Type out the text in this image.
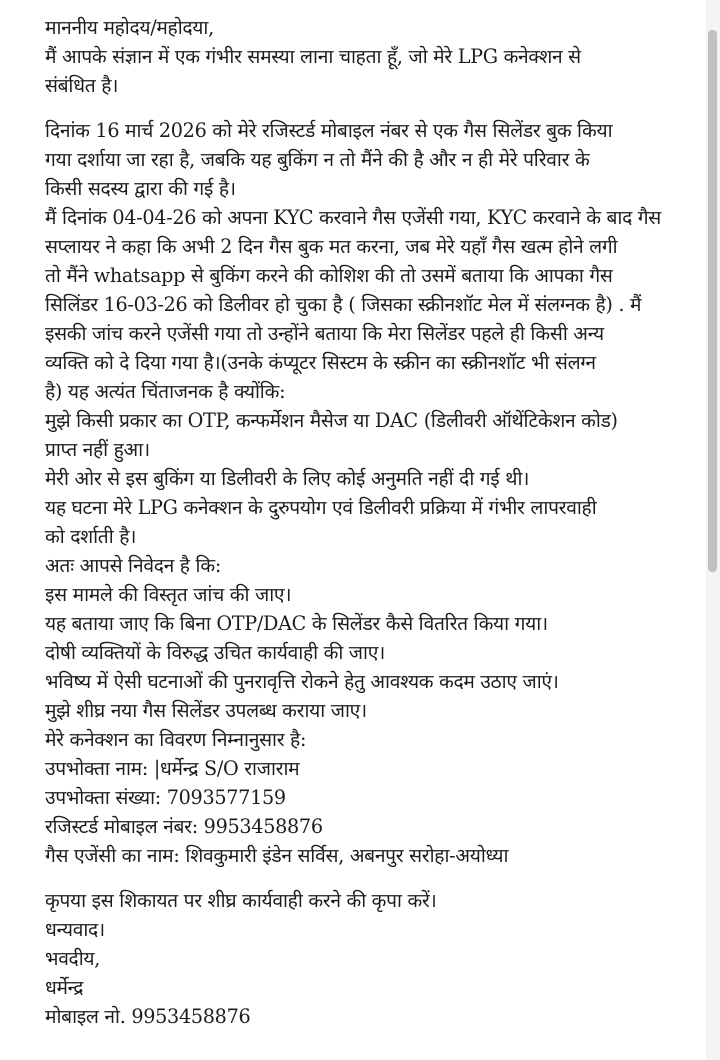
माननीय महोदय/महोदया,
मैं आपके संज्ञान में एक गंभीर समस्या लाना चाहता हूँ, जो मेरे LPG कनेक्शन से
संबंधित है।
दिनांक 16 मार्च 2026 को मेरे रजिस्टर्ड मोबाइल नंबर से एक गैस सिलेंडर बुक किया
गया दर्शाया जा रहा है, जबकि यह बुकिंग न तो मैंने की है और न ही मेरे परिवार के
किसी सदस्य द्वारा की गई है।
मैं दिनांक 04-04-26 को अपना KYC करवाने गैस एजेंसी गया, KYC करवाने के बाद गैस
सप्लायर ने कहा कि अभी 2 दिन गैस बुक मत करना, जब मेरे यहाँ गैस खत्म होने लगी
तो मैंने whatsapp से बुकिंग करने की कोशिश की तो उसमें बताया कि आपका गैस
सिलिंडर 16-03-26 को डिलीवर हो चुका है ( जिसका स्क्रीनशॉट मेल में संलग्नक है) . मैं
इसकी जांच करने एजेंसी गया तो उन्होंने बताया कि मेरा सिलेंडर पहले ही किसी अन्य
व्यक्ति को दे दिया गया है।(उनके कंप्यूटर सिस्टम के स्क्रीन का स्क्रीनशॉट भी संलग्न
है) यह अत्यंत चिंताजनक है क्योंकि:
मुझे किसी प्रकार का OTP, कन्फर्मेशन मैसेज या DAC (डिलीवरी ऑथेंटिकेशन कोड)
प्राप्त नहीं हुआ।
मेरी ओर से इस बुकिंग या डिलीवरी के लिए कोई अनुमति नहीं दी गई थी।
यह घटना मेरे LPG कनेक्शन के दुरुपयोग एवं डिलीवरी प्रक्रिया में गंभीर लापरवाही
को दर्शाती है।
अतः आपसे निवेदन है कि:
इस मामले की विस्तृत जांच की जाए।
यह बताया जाए कि बिना OTP/DAC के सिलेंडर कैसे वितरित किया गया।
दोषी व्यक्तियों के विरुद्ध उचित कार्यवाही की जाए।
भविष्य में ऐसी घटनाओं की पुनरावृत्ति रोकने हेतु आवश्यक कदम उठाए जाएं।
मुझे शीघ्र नया गैस सिलेंडर उपलब्ध कराया जाए।
मेरे कनेक्शन का विवरण निम्नानुसार है:
उपभोक्ता नाम: |धर्मेन्द्र S/O राजाराम
उपभोक्ता संख्या: 7093577159
रजिस्टर्ड मोबाइल नंबर: 9953458876
गैस एजेंसी का नाम: शिवकुमारी इंडेन सर्विस, अबनपुर सरोहा-अयोध्या
कृपया इस शिकायत पर शीघ्र कार्यवाही करने की कृपा करें।
धन्यवाद।
भवदीय,
धर्मेन्द्र
मोबाइल नो. 9953458876
